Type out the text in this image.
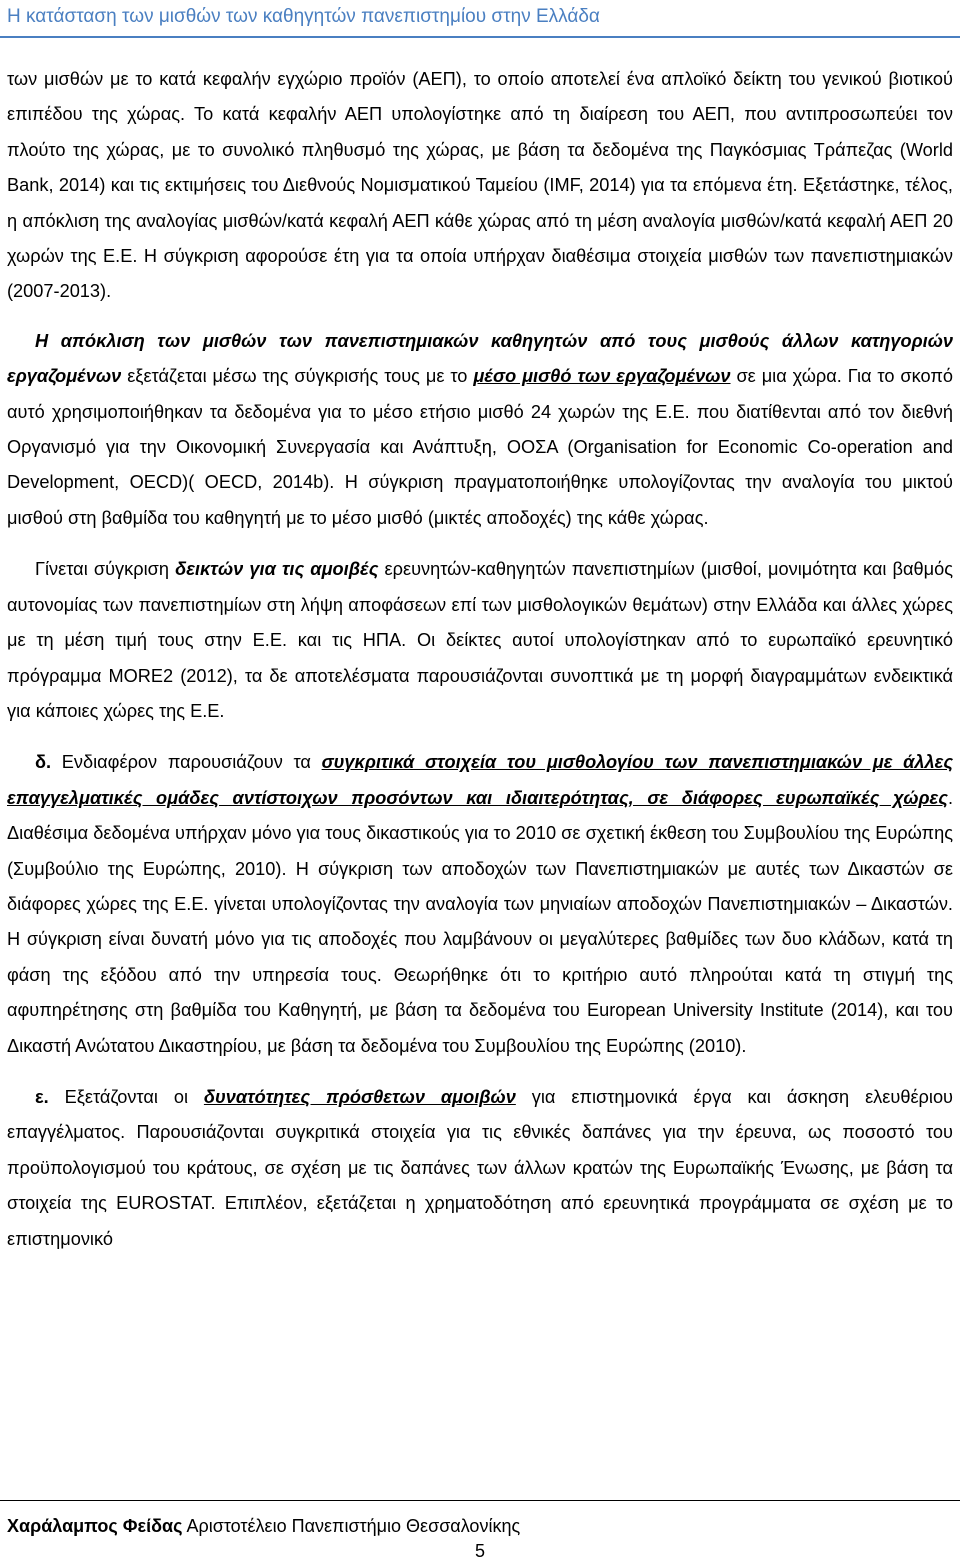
Η κατάσταση των μισθών των καθηγητών πανεπιστημίου στην Ελλάδα

των μισθών με το κατά κεφαλήν εγχώριο προϊόν (ΑΕΠ), το οποίο αποτελεί ένα απλοϊκό δείκτη του γενικού βιοτικού επιπέδου της χώρας. Το κατά κεφαλήν ΑΕΠ υπολογίστηκε από τη διαίρεση του ΑΕΠ, που αντιπροσωπεύει τον πλούτο της χώρας, με το συνολικό πληθυσμό της χώρας, με βάση τα δεδομένα της Παγκόσμιας Τράπεζας (World Bank, 2014) και τις εκτιμήσεις του Διεθνούς Νομισματικού Ταμείου (IMF, 2014) για τα επόμενα έτη. Εξετάστηκε, τέλος, η απόκλιση της αναλογίας μισθών/κατά κεφαλή ΑΕΠ κάθε χώρας από τη μέση αναλογία μισθών/κατά κεφαλή ΑΕΠ 20 χωρών της Ε.Ε. Η σύγκριση αφορούσε έτη για τα οποία υπήρχαν διαθέσιμα στοιχεία μισθών των πανεπιστημιακών (2007-2013).

Η απόκλιση των μισθών των πανεπιστημιακών καθηγητών από τους μισθούς άλλων κατηγοριών εργαζομένων εξετάζεται μέσω της σύγκρισής τους με το μέσο μισθό των εργαζομένων σε μια χώρα. Για το σκοπό αυτό χρησιμοποιήθηκαν τα δεδομένα για το μέσο ετήσιο μισθό 24 χωρών της Ε.Ε. που διατίθενται από τον διεθνή Οργανισμό για την Οικονομική Συνεργασία και Ανάπτυξη, ΟΟΣΑ (Organisation for Economic Co-operation and Development, OECD)( OECD, 2014b). Η σύγκριση πραγματοποιήθηκε υπολογίζοντας την αναλογία του μικτού μισθού στη βαθμίδα του καθηγητή με το μέσο μισθό (μικτές αποδοχές) της κάθε χώρας.

Γίνεται σύγκριση δεικτών για τις αμοιβές ερευνητών-καθηγητών πανεπιστημίων (μισθοί, μονιμότητα και βαθμός αυτονομίας των πανεπιστημίων στη λήψη αποφάσεων επί των μισθολογικών θεμάτων) στην Ελλάδα και άλλες χώρες με τη μέση τιμή τους στην Ε.Ε. και τις ΗΠΑ. Οι δείκτες αυτοί υπολογίστηκαν από το ευρωπαϊκό ερευνητικό πρόγραμμα MORE2 (2012), τα δε αποτελέσματα παρουσιάζονται συνοπτικά με τη μορφή διαγραμμάτων ενδεικτικά για κάποιες χώρες της Ε.Ε.

δ. Ενδιαφέρον παρουσιάζουν τα συγκριτικά στοιχεία του μισθολογίου των πανεπιστημιακών με άλλες επαγγελματικές ομάδες αντίστοιχων προσόντων και ιδιαιτερότητας, σε διάφορες ευρωπαϊκές χώρες. Διαθέσιμα δεδομένα υπήρχαν μόνο για τους δικαστικούς για το 2010 σε σχετική έκθεση του Συμβουλίου της Ευρώπης (Συμβούλιο της Ευρώπης, 2010). Η σύγκριση των αποδοχών των Πανεπιστημιακών με αυτές των Δικαστών σε διάφορες χώρες της Ε.Ε. γίνεται υπολογίζοντας την αναλογία των μηνιαίων αποδοχών Πανεπιστημιακών – Δικαστών. Η σύγκριση είναι δυνατή μόνο για τις αποδοχές που λαμβάνουν οι μεγαλύτερες βαθμίδες των δυο κλάδων, κατά τη φάση της εξόδου από την υπηρεσία τους. Θεωρήθηκε ότι το κριτήριο αυτό πληρούται κατά τη στιγμή της αφυπηρέτησης στη βαθμίδα του Καθηγητή, με βάση τα δεδομένα του European University Institute (2014), και του Δικαστή Ανώτατου Δικαστηρίου, με βάση τα δεδομένα του Συμβουλίου της Ευρώπης (2010).

ε. Εξετάζονται οι δυνατότητες πρόσθετων αμοιβών για επιστημονικά έργα και άσκηση ελευθέριου επαγγέλματος. Παρουσιάζονται συγκριτικά στοιχεία για τις εθνικές δαπάνες για την έρευνα, ως ποσοστό του προϋπολογισμού του κράτους, σε σχέση με τις δαπάνες των άλλων κρατών της Ευρωπαϊκής Ένωσης, με βάση τα στοιχεία της EUROSTAT. Επιπλέον, εξετάζεται η χρηματοδότηση από ερευνητικά προγράμματα σε σχέση με το επιστημονικό

Χαράλαμπος Φείδας Αριστοτέλειο Πανεπιστήμιο Θεσσαλονίκης
5
